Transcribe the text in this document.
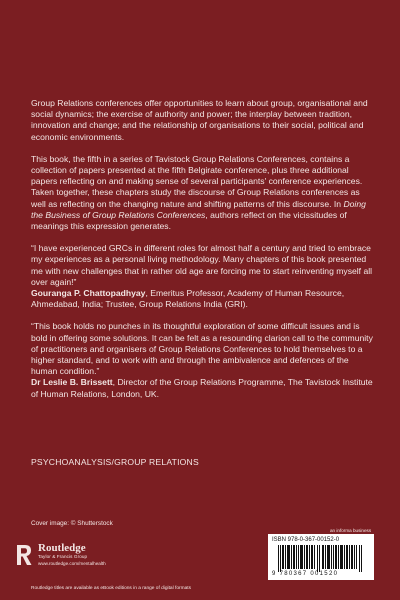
Group Relations conferences offer opportunities to learn about group, organisational and social dynamics; the exercise of authority and power; the interplay between tradition, innovation and change; and the relationship of organisations to their social, political and economic environments.

This book, the fifth in a series of Tavistock Group Relations Conferences, contains a collection of papers presented at the fifth Belgirate conference, plus three additional papers reflecting on and making sense of several participants' conference experiences. Taken together, these chapters study the discourse of Group Relations conferences as well as reflecting on the changing nature and shifting patterns of this discourse. In Doing the Business of Group Relations Conferences, authors reflect on the vicissitudes of meanings this expression generates.

“I have experienced GRCs in different roles for almost half a century and tried to embrace my experiences as a personal living methodology. Many chapters of this book presented me with new challenges that in rather old age are forcing me to start reinventing myself all over again!”
Gouranga P. Chattopadhyay, Emeritus Professor, Academy of Human Resource, Ahmedabad, India; Trustee, Group Relations India (GRI).

“This book holds no punches in its thoughtful exploration of some difficult issues and is bold in offering some solutions. It can be felt as a resounding clarion call to the community of practitioners and organisers of Group Relations Conferences to hold themselves to a higher standard, and to work with and through the ambivalence and defences of the human condition.”
Dr Leslie B. Brissett, Director of the Group Relations Programme, The Tavistock Institute of Human Relations, London, UK.

PSYCHOANALYSIS/GROUP RELATIONS
Cover image: © Shutterstock
Routledge
Taylor & Francis Group
www.routledge.com/mentalhealth
an informa business
ISBN 978-0-367-00152-0
9 780367 001520
Routledge titles are available as eBook editions in a range of digital formats
